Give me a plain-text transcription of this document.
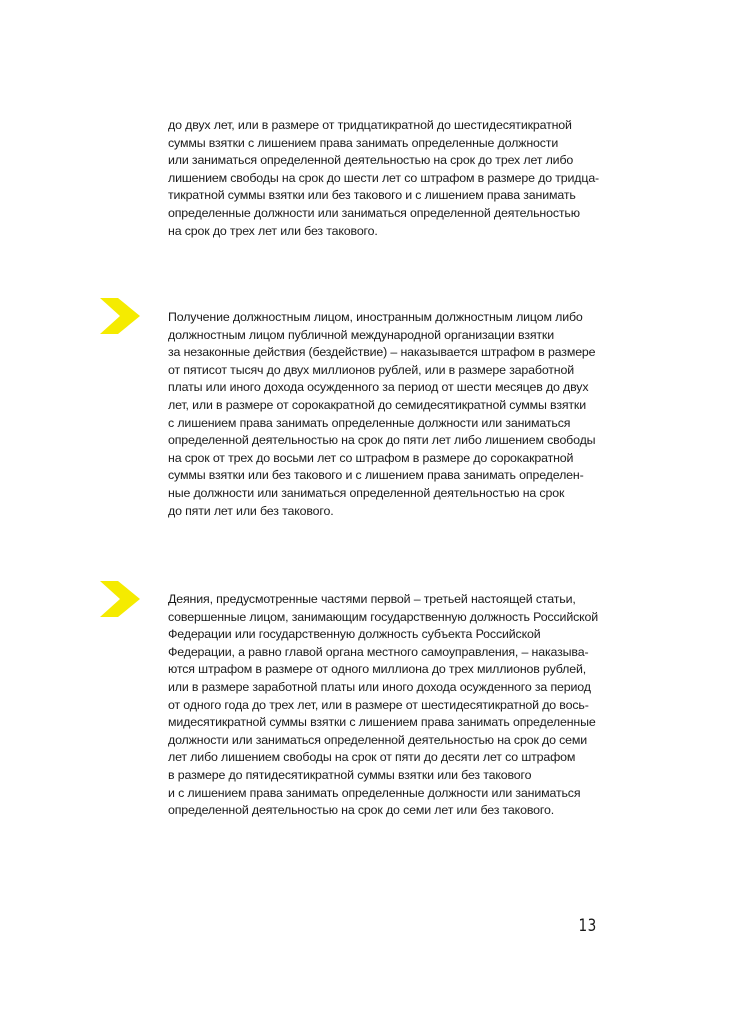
до двух лет, или в размере от тридцатикратной до шестидесятикратной
суммы взятки с лишением права занимать определенные должности
или заниматься определенной деятельностью на срок до трех лет либо
лишением свободы на срок до шести лет со штрафом в размере до тридца-
тикратной суммы взятки или без такового и с лишением права занимать
определенные должности или заниматься определенной деятельностью
на срок до трех лет или без такового.

Получение должностным лицом, иностранным должностным лицом либо
должностным лицом публичной международной организации взятки
за незаконные действия (бездействие) – наказывается штрафом в размере
от пятисот тысяч до двух миллионов рублей, или в размере заработной
платы или иного дохода осужденного за период от шести месяцев до двух
лет, или в размере от сорокакратной до семидесятикратной суммы взятки
с лишением права занимать определенные должности или заниматься
определенной деятельностью на срок до пяти лет либо лишением свободы
на срок от трех до восьми лет со штрафом в размере до сорокакратной
суммы взятки или без такового и с лишением права занимать определен-
ные должности или заниматься определенной деятельностью на срок
до пяти лет или без такового.

Деяния, предусмотренные частями первой – третьей настоящей статьи,
совершенные лицом, занимающим государственную должность Российской
Федерации или государственную должность субъекта Российской
Федерации, а равно главой органа местного самоуправления, – наказыва-
ются штрафом в размере от одного миллиона до трех миллионов рублей,
или в размере заработной платы или иного дохода осужденного за период
от одного года до трех лет, или в размере от шестидесятикратной до вось-
мидесятикратной суммы взятки с лишением права занимать определенные
должности или заниматься определенной деятельностью на срок до семи
лет либо лишением свободы на срок от пяти до десяти лет со штрафом
в размере до пятидесятикратной суммы взятки или без такового
и с лишением права занимать определенные должности или заниматься
определенной деятельностью на срок до семи лет или без такового.

13
